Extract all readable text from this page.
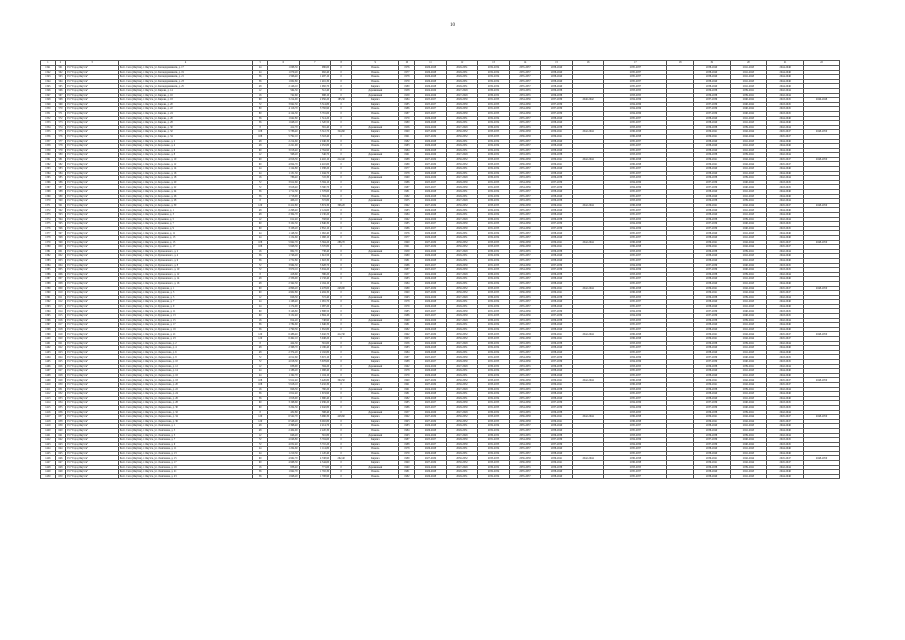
10
1	2	3	4	5	6	7	8	9	10	11	12	13	14	15	16	17	18	19	20	21	22
1341	561	ГО "Город Якутск"	Респ. Саха (Якутия), г. Якутск, ул. Каландаришвили, д. 17	24	1 068,50	986,60	0	Панель	1976	2026-2028	2029-2031	2032-2034	2035-2037	2038-2040		2035-2037		2038-2040	2041-2043	2044-2046	
1342	562	ГО "Город Якутск"	Респ. Саха (Якутия), г. Якутск, ул. Каландаришвили, д. 19	24	1 079,20	992,40	0	Панель	1977	2026-2028	2029-2031	2032-2034	2035-2037	2038-2040		2035-2037		2038-2040	2041-2043	2044-2046	
1343	563	ГО "Город Якутск"	Респ. Саха (Якутия), г. Якутск, ул. Каландаришвили, д. 21	36	1 596,40	1 487,10	0	Панель	1978	2026-2028	2029-2031	2032-2034	2035-2037	2038-2040		2035-2037		2038-2040	2041-2043	2044-2046	
1344	564	ГО "Город Якутск"	Респ. Саха (Якутия), г. Якутск, ул. Каландаришвили, д. 23	36	1 602,80	1 491,30	0	Панель	1979	2026-2028	2029-2031	2032-2034	2035-2037	2038-2040		2035-2037		2038-2040	2041-2043	2044-2046	
1345	565	ГО "Город Якутск"	Респ. Саха (Якутия), г. Якутск, ул. Каландаришвили, д. 25	48	2 146,10	1 982,70	0	Кирпич	1980	2026-2028	2029-2031	2032-2034	2035-2037	2038-2040		2035-2037		2038-2040	2041-2043	2044-2046	
1346	566	ГО "Город Якутск"	Респ. Саха (Якутия), г. Якутск, ул. Кирова, д. 14	12	564,30	512,40	0	Деревянный	1958	2024-2026	2027-2029	2030-2032	2033-2035	2036-2038		2033-2035		2036-2038	2039-2041	2042-2044	
1347	567	ГО "Город Якутск"	Респ. Саха (Якутия), г. Якутск, ул. Кирова, д. 16	16	742,60	688,10	0	Деревянный	1959	2024-2026	2027-2029	2030-2032	2033-2035	2036-2038		2033-2035		2036-2038	2039-2041	2042-2044	
1348	568	ГО "Город Якутск"	Респ. Саха (Якутия), г. Якутск, ул. Кирова, д. 18	60	3 214,90	2 956,20	185,30	Кирпич	1984	2025-2027	2028-2030	2031-2033	2034-2036	2037-2039	2040-2042	2034-2036		2037-2039	2040-2042	2043-2045	2046-2048
1349	569	ГО "Город Якутск"	Респ. Саха (Якутия), г. Якутск, ул. Кирова, д. 20	72	3 842,50	3 514,80	0	Кирпич	1985	2025-2027	2028-2030	2031-2033	2034-2036	2037-2039		2034-2036		2037-2039	2040-2042	2043-2045	
1350	570	ГО "Город Якутск"	Респ. Саха (Якутия), г. Якутск, ул. Кирова, д. 22	80	4 116,70	3 782,90	0	Панель	1986	2025-2027	2028-2030	2031-2033	2034-2036	2037-2039		2034-2036		2037-2039	2040-2042	2043-2045	
1351	571	ГО "Город Якутск"	Респ. Саха (Якутия), г. Якутск, ул. Кирова, д. 24	80	4 124,30	3 791,60	0	Панель	1987	2025-2027	2028-2030	2031-2033	2034-2036	2037-2039		2034-2036		2037-2039	2040-2042	2043-2045	
1352	572	ГО "Город Якутск"	Респ. Саха (Якутия), г. Якутск, ул. Кирова, д. 26	36	1 642,80	1 514,20	0	Панель	1979	2026-2028	2029-2031	2032-2034	2035-2037	2038-2040		2035-2037		2038-2040	2041-2043	2044-2046	
1353	573	ГО "Город Якутск"	Респ. Саха (Якутия), г. Якутск, ул. Кирова, д. 28	36	1 648,10	1 520,50	0	Панель	1980	2026-2028	2029-2031	2032-2034	2035-2037	2038-2040		2035-2037		2038-2040	2041-2043	2044-2046	
1354	574	ГО "Город Якутск"	Респ. Саха (Якутия), г. Якутск, ул. Кирова, д. 30	8	412,70	381,40	0	Деревянный	1956	2024-2026	2027-2029	2030-2032	2033-2035	2036-2038		2033-2035		2036-2038	2039-2041	2042-2044	
1355	575	ГО "Город Якутск"	Респ. Саха (Якутия), г. Якутск, ул. Кирова, д. 32	108	5 786,40	5 312,70	324,60	Кирпич	1990	2027-2029	2030-2032	2033-2035	2036-2038	2039-2041	2042-2044	2036-2038		2039-2041	2042-2044	2045-2047	2048-2050
1356	576	ГО "Город Якутск"	Респ. Саха (Якутия), г. Якутск, ул. Кирова, д. 34	108	5 792,10	5 318,40	0	Кирпич	1991	2027-2029	2030-2032	2033-2035	2036-2038	2039-2041		2036-2038		2039-2041	2042-2044	2045-2047	
1357	577	ГО "Город Якутск"	Респ. Саха (Якутия), г. Якутск, ул. Короленко, д. 2	48	2 214,60	2 046,30	0	Панель	1982	2026-2028	2029-2031	2032-2034	2035-2037	2038-2040		2035-2037		2038-2040	2041-2043	2044-2046	
1358	578	ГО "Город Якутск"	Респ. Саха (Якутия), г. Якутск, ул. Короленко, д. 4	48	2 221,90	2 052,80	0	Панель	1983	2026-2028	2029-2031	2032-2034	2035-2037	2038-2040		2035-2037		2038-2040	2041-2043	2044-2046	
1359	579	ГО "Город Якутск"	Респ. Саха (Якутия), г. Якутск, ул. Короленко, д. 6	60	3 018,40	2 764,90	0	Панель	1984	2026-2028	2029-2031	2032-2034	2035-2037	2038-2040		2035-2037		2038-2040	2041-2043	2044-2046	
1360	580	ГО "Город Якутск"	Респ. Саха (Якутия), г. Якутск, ул. Короленко, д. 8	12	598,20	546,70	0	Деревянный	1961	2024-2026	2027-2029	2030-2032	2033-2035	2036-2038		2033-2035		2036-2038	2039-2041	2042-2044	
1361	581	ГО "Город Якутск"	Респ. Саха (Якутия), г. Якутск, ул. Короленко, д. 10	90	4 816,30	4 402,10	212,40	Кирпич	1988	2027-2029	2030-2032	2033-2035	2036-2038	2039-2041	2042-2044	2036-2038		2039-2041	2042-2044	2045-2047	2048-2050
1362	582	ГО "Город Якутск"	Респ. Саха (Якутия), г. Якутск, ул. Короленко, д. 12	90	4 824,70	4 410,60	0	Кирпич	1989	2027-2029	2030-2032	2033-2035	2036-2038	2039-2041		2036-2038		2039-2041	2042-2044	2045-2047	
1363	583	ГО "Город Якутск"	Респ. Саха (Якутия), г. Якутск, ул. Короленко, д. 14	24	1 124,80	1 038,20	0	Панель	1977	2026-2028	2029-2031	2032-2034	2035-2037	2038-2040		2035-2037		2038-2040	2041-2043	2044-2046	
1364	584	ГО "Город Якутск"	Респ. Саха (Якутия), г. Якутск, ул. Короленко, д. 16	24	1 131,50	1 044,70	0	Панель	1978	2026-2028	2029-2031	2032-2034	2035-2037	2038-2040		2035-2037		2038-2040	2041-2043	2044-2046	
1365	585	ГО "Город Якутск"	Респ. Саха (Якутия), г. Якутск, ул. Короленко, д. 18	16	786,40	722,30	0	Деревянный	1960	2024-2026	2027-2029	2030-2032	2033-2035	2036-2038		2033-2035		2036-2038	2039-2041	2042-2044	
1366	586	ГО "Город Якутск"	Респ. Саха (Якутия), г. Якутск, ул. Короленко, д. 20	72	3 912,60	3 584,10	0	Кирпич	1986	2025-2027	2028-2030	2031-2033	2034-2036	2037-2039		2034-2036		2037-2039	2040-2042	2043-2045	
1367	587	ГО "Город Якутск"	Респ. Саха (Якутия), г. Якутск, ул. Короленко, д. 22	72	3 918,40	3 590,70	0	Кирпич	1987	2025-2027	2028-2030	2031-2033	2034-2036	2037-2039		2034-2036		2037-2039	2040-2042	2043-2045	
1368	588	ГО "Город Якутск"	Респ. Саха (Якутия), г. Якутск, ул. Короленко, д. 24	36	1 712,30	1 578,60	0	Панель	1981	2026-2028	2029-2031	2032-2034	2035-2037	2038-2040		2035-2037		2038-2040	2041-2043	2044-2046	
1369	589	ГО "Город Якутск"	Респ. Саха (Якутия), г. Якутск, ул. Короленко, д. 26	36	1 718,90	1 584,20	0	Панель	1982	2026-2028	2029-2031	2032-2034	2035-2037	2038-2040		2035-2037		2038-2040	2041-2043	2044-2046	
1370	590	ГО "Город Якутск"	Респ. Саха (Якутия), г. Якутск, ул. Короленко, д. 28	8	406,10	372,80	0	Деревянный	1955	2024-2026	2027-2029	2030-2032	2033-2035	2036-2038		2033-2035		2036-2038	2039-2041	2042-2044	
1371	591	ГО "Город Якутск"	Респ. Саха (Якутия), г. Якутск, ул. Короленко, д. 30	120	6 412,80	5 874,30	396,20	Кирпич	1992	2027-2029	2030-2032	2033-2035	2036-2038	2039-2041	2042-2044	2036-2038		2039-2041	2042-2044	2045-2047	2048-2050
1372	592	ГО "Город Якутск"	Респ. Саха (Якутия), г. Якутск, ул. Кузьмина, д. 1	48	2 298,40	2 124,60	0	Панель	1983	2026-2028	2029-2031	2032-2034	2035-2037	2038-2040		2035-2037		2038-2040	2041-2043	2044-2046	
1373	593	ГО "Город Якутск"	Респ. Саха (Якутия), г. Якутск, ул. Кузьмина, д. 3	48	2 304,70	2 130,20	0	Панель	1984	2026-2028	2029-2031	2032-2034	2035-2037	2038-2040		2035-2037		2038-2040	2041-2043	2044-2046	
1374	594	ГО "Город Якутск"	Респ. Саха (Якутия), г. Якутск, ул. Кузьмина, д. 5	12	612,40	558,90	0	Деревянный	1962	2024-2026	2027-2029	2030-2032	2033-2035	2036-2038		2033-2035		2036-2038	2039-2041	2042-2044	
1375	595	ГО "Город Якутск"	Респ. Саха (Якутия), г. Якутск, ул. Кузьмина, д. 7	60	3 102,50	2 846,30	0	Кирпич	1985	2025-2027	2028-2030	2031-2033	2034-2036	2037-2039		2034-2036		2037-2039	2040-2042	2043-2045	
1376	596	ГО "Город Якутск"	Респ. Саха (Якутия), г. Якутск, ул. Кузьмина, д. 9	60	3 108,20	2 852,10	0	Кирпич	1986	2025-2027	2028-2030	2031-2033	2034-2036	2037-2039		2034-2036		2037-2039	2040-2042	2043-2045	
1377	597	ГО "Город Якутск"	Респ. Саха (Якутия), г. Якутск, ул. Кузьмина, д. 11	24	1 148,30	1 062,40	0	Панель	1976	2026-2028	2029-2031	2032-2034	2035-2037	2038-2040		2035-2037		2038-2040	2041-2043	2044-2046	
1378	598	ГО "Город Якутск"	Респ. Саха (Якутия), г. Якутск, ул. Кузьмина, д. 13	24	1 154,60	1 068,10	0	Панель	1977	2026-2028	2029-2031	2032-2034	2035-2037	2038-2040		2035-2037		2038-2040	2041-2043	2044-2046	
1379	599	ГО "Город Якутск"	Респ. Саха (Якутия), г. Якутск, ул. Кузьмина, д. 15	108	5 842,70	5 364,20	286,70	Кирпич	1990	2027-2029	2030-2032	2033-2035	2036-2038	2039-2041	2042-2044	2036-2038		2039-2041	2042-2044	2045-2047	2048-2050
1380	600	ГО "Город Якутск"	Респ. Саха (Якутия), г. Якутск, ул. Кузьмина, д. 17	108	5 848,30	5 370,80	0	Кирпич	1991	2027-2029	2030-2032	2033-2035	2036-2038	2039-2041		2036-2038		2039-2041	2042-2044	2045-2047	
1381	601	ГО "Город Якутск"	Респ. Саха (Якутия), г. Якутск, ул. Кулаковского, д. 2	16	802,70	738,40	0	Деревянный	1959	2024-2026	2027-2029	2030-2032	2033-2035	2036-2038		2033-2035		2036-2038	2039-2041	2042-2044	
1382	602	ГО "Город Якутск"	Респ. Саха (Якутия), г. Якутск, ул. Кулаковского, д. 4	36	1 746,20	1 612,50	0	Панель	1980	2026-2028	2029-2031	2032-2034	2035-2037	2038-2040		2035-2037		2038-2040	2041-2043	2044-2046	
1383	603	ГО "Город Якутск"	Респ. Саха (Якутия), г. Якутск, ул. Кулаковского, д. 6	36	1 752,80	1 618,30	0	Панель	1981	2026-2028	2029-2031	2032-2034	2035-2037	2038-2040		2035-2037		2038-2040	2041-2043	2044-2046	
1384	604	ГО "Город Якутск"	Респ. Саха (Якутия), г. Якутск, ул. Кулаковского, д. 8	72	3 964,50	3 628,70	0	Кирпич	1986	2025-2027	2028-2030	2031-2033	2034-2036	2037-2039		2034-2036		2037-2039	2040-2042	2043-2045	
1385	605	ГО "Город Якутск"	Респ. Саха (Якутия), г. Якутск, ул. Кулаковского, д. 10	72	3 970,10	3 634,20	0	Кирпич	1987	2025-2027	2028-2030	2031-2033	2034-2036	2037-2039		2034-2036		2037-2039	2040-2042	2043-2045	
1386	606	ГО "Город Якутск"	Респ. Саха (Якутия), г. Якутск, ул. Кулаковского, д. 12	8	418,60	386,20	0	Деревянный	1957	2024-2026	2027-2029	2030-2032	2033-2035	2036-2038		2033-2035		2036-2038	2039-2041	2042-2044	
1387	607	ГО "Город Якутск"	Респ. Саха (Якутия), г. Якутск, ул. Кулаковского, д. 14	48	2 336,90	2 158,40	0	Панель	1983	2026-2028	2029-2031	2032-2034	2035-2037	2038-2040		2035-2037		2038-2040	2041-2043	2044-2046	
1388	608	ГО "Город Якутск"	Респ. Саха (Якутия), г. Якутск, ул. Кулаковского, д. 16	48	2 342,50	2 164,10	0	Панель	1984	2026-2028	2029-2031	2032-2034	2035-2037	2038-2040		2035-2037		2038-2040	2041-2043	2044-2046	
1389	609	ГО "Город Якутск"	Респ. Саха (Якутия), г. Якутск, ул. Курашова, д. 1	90	4 896,20	4 478,60	248,90	Кирпич	1989	2027-2029	2030-2032	2033-2035	2036-2038	2039-2041	2042-2044	2036-2038		2039-2041	2042-2044	2045-2047	2048-2050
1390	610	ГО "Город Якутск"	Респ. Саха (Якутия), г. Якутск, ул. Курашова, д. 3	90	4 902,80	4 484,30	0	Кирпич	1990	2027-2029	2030-2032	2033-2035	2036-2038	2039-2041		2036-2038		2039-2041	2042-2044	2045-2047	
1391	611	ГО "Город Якутск"	Респ. Саха (Якутия), г. Якутск, ул. Курашова, д. 5	12	626,30	572,40	0	Деревянный	1963	2024-2026	2027-2029	2030-2032	2033-2035	2036-2038		2033-2035		2036-2038	2039-2041	2042-2044	
1392	612	ГО "Город Якутск"	Респ. Саха (Якутия), г. Якутск, ул. Курашова, д. 7	24	1 168,40	1 081,70	0	Панель	1978	2026-2028	2029-2031	2032-2034	2035-2037	2038-2040		2035-2037		2038-2040	2041-2043	2044-2046	
1393	613	ГО "Город Якутск"	Респ. Саха (Якутия), г. Якутск, ул. Курашова, д. 9	24	1 174,90	1 087,20	0	Панель	1979	2026-2028	2029-2031	2032-2034	2035-2037	2038-2040		2035-2037		2038-2040	2041-2043	2044-2046	
1394	614	ГО "Город Якутск"	Респ. Саха (Якутия), г. Якутск, ул. Курашова, д. 11	60	3 146,80	2 888,50	0	Кирпич	1985	2025-2027	2028-2030	2031-2033	2034-2036	2037-2039		2034-2036		2037-2039	2040-2042	2043-2045	
1395	615	ГО "Город Якутск"	Респ. Саха (Якутия), г. Якутск, ул. Курашова, д. 13	60	3 152,40	2 894,10	0	Кирпич	1986	2025-2027	2028-2030	2031-2033	2034-2036	2037-2039		2034-2036		2037-2039	2040-2042	2043-2045	
1396	616	ГО "Город Якутск"	Респ. Саха (Якутия), г. Якутск, ул. Курашова, д. 15	16	814,20	748,90	0	Деревянный	1960	2024-2026	2027-2029	2030-2032	2033-2035	2036-2038		2033-2035		2036-2038	2039-2041	2042-2044	
1397	617	ГО "Город Якутск"	Респ. Саха (Якутия), г. Якутск, ул. Курашова, д. 17	36	1 784,60	1 646,30	0	Панель	1981	2026-2028	2029-2031	2032-2034	2035-2037	2038-2040		2035-2037		2038-2040	2041-2043	2044-2046	
1398	618	ГО "Город Якутск"	Респ. Саха (Якутия), г. Якутск, ул. Курашова, д. 19	36	1 790,30	1 652,80	0	Панель	1982	2026-2028	2029-2031	2032-2034	2035-2037	2038-2040		2035-2037		2038-2040	2041-2043	2044-2046	
1399	619	ГО "Город Якутск"	Респ. Саха (Якутия), г. Якутск, ул. Курашова, д. 21	120	6 486,40	5 942,70	412,30	Кирпич	1992	2027-2029	2030-2032	2033-2035	2036-2038	2039-2041	2042-2044	2036-2038		2039-2041	2042-2044	2045-2047	2048-2050
1400	620	ГО "Город Якутск"	Респ. Саха (Якутия), г. Якутск, ул. Курашова, д. 23	120	6 492,10	5 948,20	0	Кирпич	1993	2027-2029	2030-2032	2033-2035	2036-2038	2039-2041		2036-2038		2039-2041	2042-2044	2045-2047	
1401	621	ГО "Город Якутск"	Респ. Саха (Якутия), г. Якутск, ул. Лермонтова, д. 2	8	424,30	391,60	0	Деревянный	1956	2024-2026	2027-2029	2030-2032	2033-2035	2036-2038		2033-2035		2036-2038	2039-2041	2042-2044	
1402	622	ГО "Город Якутск"	Респ. Саха (Якутия), г. Якутск, ул. Лермонтова, д. 4	48	2 368,70	2 186,40	0	Панель	1983	2026-2028	2029-2031	2032-2034	2035-2037	2038-2040		2035-2037		2038-2040	2041-2043	2044-2046	
1403	623	ГО "Город Якутск"	Респ. Саха (Якутия), г. Якутск, ул. Лермонтова, д. 6	48	2 374,20	2 192,80	0	Панель	1984	2026-2028	2029-2031	2032-2034	2035-2037	2038-2040		2035-2037		2038-2040	2041-2043	2044-2046	
1404	624	ГО "Город Якутск"	Респ. Саха (Якутия), г. Якутск, ул. Лермонтова, д. 8	72	4 012,60	3 672,10	0	Кирпич	1987	2025-2027	2028-2030	2031-2033	2034-2036	2037-2039		2034-2036		2037-2039	2040-2042	2043-2045	
1405	625	ГО "Город Якутск"	Респ. Саха (Якутия), г. Якутск, ул. Лермонтова, д. 10	72	4 018,30	3 678,60	0	Кирпич	1988	2025-2027	2028-2030	2031-2033	2034-2036	2037-2039		2034-2036		2037-2039	2040-2042	2043-2045	
1406	626	ГО "Город Якутск"	Респ. Саха (Якутия), г. Якутск, ул. Лермонтова, д. 12	12	638,90	584,20	0	Деревянный	1962	2024-2026	2027-2029	2030-2032	2033-2035	2036-2038		2033-2035		2036-2038	2039-2041	2042-2044	
1407	627	ГО "Город Якутск"	Респ. Саха (Якутия), г. Якутск, ул. Лермонтова, д. 14	24	1 186,20	1 098,40	0	Панель	1978	2026-2028	2029-2031	2032-2034	2035-2037	2038-2040		2035-2037		2038-2040	2041-2043	2044-2046	
1408	628	ГО "Город Якутск"	Респ. Саха (Якутия), г. Якутск, ул. Лермонтова, д. 16	24	1 192,70	1 104,10	0	Панель	1979	2026-2028	2029-2031	2032-2034	2035-2037	2038-2040		2035-2037		2038-2040	2041-2043	2044-2046	
1409	629	ГО "Город Якутск"	Респ. Саха (Якутия), г. Якутск, ул. Лермонтова, д. 18	108	5 912,40	5 426,80	304,50	Кирпич	1990	2027-2029	2030-2032	2033-2035	2036-2038	2039-2041	2042-2044	2036-2038		2039-2041	2042-2044	2045-2047	2048-2050
1410	630	ГО "Город Якутск"	Респ. Саха (Якутия), г. Якутск, ул. Лермонтова, д. 20	108	5 918,10	5 432,30	0	Кирпич	1991	2027-2029	2030-2032	2033-2035	2036-2038	2039-2041		2036-2038		2039-2041	2042-2044	2045-2047	
1411	631	ГО "Город Якутск"	Респ. Саха (Якутия), г. Якутск, ул. Лермонтова, д. 22	16	826,50	760,20	0	Деревянный	1961	2024-2026	2027-2029	2030-2032	2033-2035	2036-2038		2033-2035		2036-2038	2039-2041	2042-2044	
1412	632	ГО "Город Якутск"	Респ. Саха (Якутия), г. Якутск, ул. Лермонтова, д. 24	36	1 812,40	1 674,90	0	Панель	1981	2026-2028	2029-2031	2032-2034	2035-2037	2038-2040		2035-2037		2038-2040	2041-2043	2044-2046	
1413	633	ГО "Город Якутск"	Респ. Саха (Якутия), г. Якутск, ул. Лермонтова, д. 26	36	1 818,90	1 680,40	0	Панель	1982	2026-2028	2029-2031	2032-2034	2035-2037	2038-2040		2035-2037		2038-2040	2041-2043	2044-2046	
1414	634	ГО "Город Якутск"	Респ. Саха (Якутия), г. Якутск, ул. Лермонтова, д. 28	60	3 198,60	2 936,20	0	Кирпич	1985	2025-2027	2028-2030	2031-2033	2034-2036	2037-2039		2034-2036		2037-2039	2040-2042	2043-2045	
1415	635	ГО "Город Якутск"	Респ. Саха (Якутия), г. Якутск, ул. Лермонтова, д. 30	60	3 204,30	2 942,80	0	Кирпич	1986	2025-2027	2028-2030	2031-2033	2034-2036	2037-2039		2034-2036		2037-2039	2040-2042	2043-2045	
1416	636	ГО "Город Якутск"	Респ. Саха (Якутия), г. Якутск, ул. Лермонтова, д. 32	8	432,80	398,40	0	Деревянный	1957	2024-2026	2027-2029	2030-2032	2033-2035	2036-2038		2033-2035		2036-2038	2039-2041	2042-2044	
1417	637	ГО "Город Якутск"	Респ. Саха (Якутия), г. Якутск, ул. Лермонтова, д. 34	120	6 542,70	5 996,30	428,60	Кирпич	1992	2027-2029	2030-2032	2033-2035	2036-2038	2039-2041	2042-2044	2036-2038		2039-2041	2042-2044	2045-2047	2048-2050
1418	638	ГО "Город Якутск"	Респ. Саха (Якутия), г. Якутск, ул. Лермонтова, д. 36	120	6 548,20	6 002,80	0	Кирпич	1993	2027-2029	2030-2032	2033-2035	2036-2038	2039-2041		2036-2038		2039-2041	2042-2044	2045-2047	
1419	639	ГО "Город Якутск"	Респ. Саха (Якутия), г. Якутск, ул. Лонгинова, д. 1	48	2 398,40	2 214,70	0	Панель	1983	2026-2028	2029-2031	2032-2034	2035-2037	2038-2040		2035-2037		2038-2040	2041-2043	2044-2046	
1420	640	ГО "Город Якутск"	Респ. Саха (Якутия), г. Якутск, ул. Лонгинова, д. 3	48	2 404,90	2 220,30	0	Панель	1984	2026-2028	2029-2031	2032-2034	2035-2037	2038-2040		2035-2037		2038-2040	2041-2043	2044-2046	
1421	641	ГО "Город Якутск"	Респ. Саха (Якутия), г. Якутск, ул. Лонгинова, д. 5	12	646,20	591,80	0	Деревянный	1963	2024-2026	2027-2029	2030-2032	2033-2035	2036-2038		2033-2035		2036-2038	2039-2041	2042-2044	
1422	642	ГО "Город Якутск"	Респ. Саха (Якутия), г. Якутск, ул. Лонгинова, д. 7	72	4 046,80	3 704,60	0	Кирпич	1987	2025-2027	2028-2030	2031-2033	2034-2036	2037-2039		2034-2036		2037-2039	2040-2042	2043-2045	
1423	643	ГО "Город Якутск"	Респ. Саха (Якутия), г. Якутск, ул. Лонгинова, д. 9	72	4 052,40	3 710,20	0	Кирпич	1988	2025-2027	2028-2030	2031-2033	2034-2036	2037-2039		2034-2036		2037-2039	2040-2042	2043-2045	
1424	644	ГО "Город Якутск"	Респ. Саха (Якутия), г. Якутск, ул. Лонгинова, д. 11	24	1 204,60	1 114,80	0	Панель	1978	2026-2028	2029-2031	2032-2034	2035-2037	2038-2040		2035-2037		2038-2040	2041-2043	2044-2046	
1425	645	ГО "Город Якутск"	Респ. Саха (Якутия), г. Якутск, ул. Лонгинова, д. 13	24	1 210,30	1 120,40	0	Панель	1979	2026-2028	2029-2031	2032-2034	2035-2037	2038-2040		2035-2037		2038-2040	2041-2043	2044-2046	
1426	646	ГО "Город Якутск"	Респ. Саха (Якутия), г. Якутск, ул. Лонгинова, д. 15	90	4 962,70	4 538,90	262,40	Кирпич	1989	2027-2029	2030-2032	2033-2035	2036-2038	2039-2041	2042-2044	2036-2038		2039-2041	2042-2044	2045-2047	2048-2050
1427	647	ГО "Город Якутск"	Респ. Саха (Якутия), г. Якутск, ул. Лонгинова, д. 17	90	4 968,30	4 544,60	0	Кирпич	1990	2027-2029	2030-2032	2033-2035	2036-2038	2039-2041		2036-2038		2039-2041	2042-2044	2045-2047	
1428	648	ГО "Город Якутск"	Респ. Саха (Якутия), г. Якутск, ул. Лонгинова, д. 19	16	838,40	771,60	0	Деревянный	1960	2024-2026	2027-2029	2030-2032	2033-2035	2036-2038		2033-2035		2036-2038	2039-2041	2042-2044	
1429	649	ГО "Город Якутск"	Респ. Саха (Якутия), г. Якутск, ул. Лонгинова, д. 21	36	1 842,70	1 702,30	0	Панель	1981	2026-2028	2029-2031	2032-2034	2035-2037	2038-2040		2035-2037		2038-2040	2041-2043	2044-2046	
1430	650	ГО "Город Якутск"	Респ. Саха (Якутия), г. Якутск, ул. Лонгинова, д. 23	36	1 848,20	1 708,90	0	Панель	1982	2026-2028	2029-2031	2032-2034	2035-2037	2038-2040		2035-2037		2038-2040	2041-2043	2044-2046	
